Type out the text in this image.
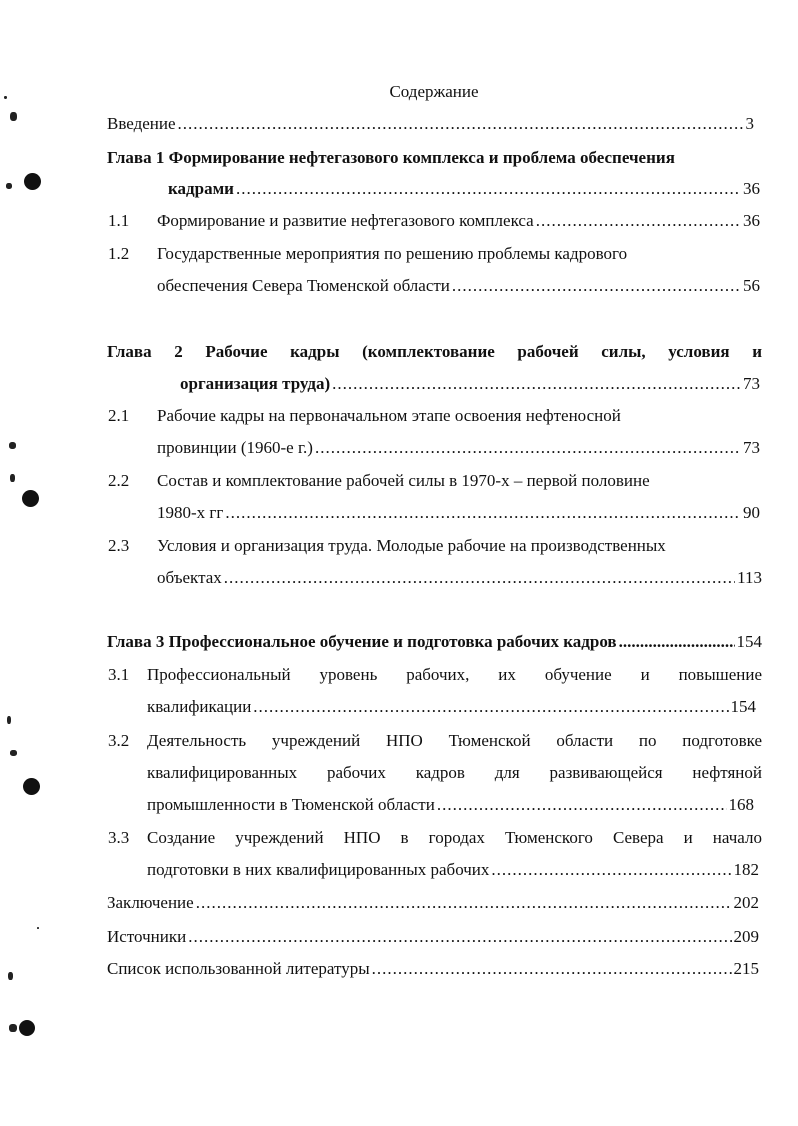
Содержание
Введение .....	3
Глава 1 Формирование нефтегазового комплекса и проблема обеспечения
кадрами .....	36
1.1 Формирование и развитие нефтегазового комплекса .....	36
1.2 Государственные мероприятия по решению проблемы кадрового
обеспечения Севера Тюменской области .....	56
Глава 2 Рабочие кадры (комплектование рабочей силы, условия и
организация труда) .....	73
2.1 Рабочие кадры на первоначальном этапе освоения нефтеносной
провинции (1960-е г.) .....	73
2.2 Состав и комплектование рабочей силы в 1970-х – первой половине
1980-х гг .....	90
2.3 Условия и организация труда. Молодые рабочие на производственных
объектах .....	113
Глава 3 Профессиональное обучение и подготовка рабочих кадров .....	154
3.1 Профессиональный уровень рабочих, их обучение и повышение
квалификации .....	154
3.2 Деятельность учреждений НПО Тюменской области по подготовке
квалифицированных рабочих кадров для развивающейся нефтяной
промышленности в Тюменской области .....	168
3.3 Создание учреждений НПО в городах Тюменского Севера и начало
подготовки в них квалифицированных рабочих .....	182
Заключение .....	202
Источники .....	209
Список использованной литературы .....	215
